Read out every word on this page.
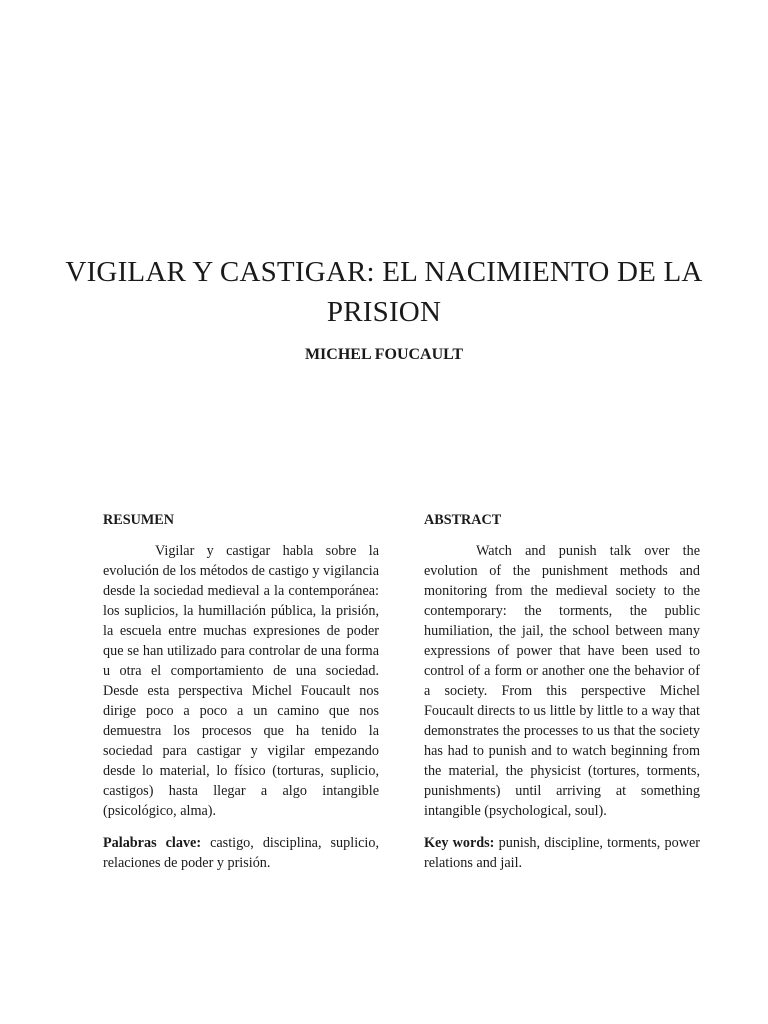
VIGILAR Y CASTIGAR: EL NACIMIENTO DE LA PRISION
MICHEL FOUCAULT
RESUMEN

Vigilar y castigar habla sobre la evolución de los métodos de castigo y vigilancia desde la sociedad medieval a la contemporánea: los suplicios, la humillación pública, la prisión, la escuela entre muchas expresiones de poder que se han utilizado para controlar de una forma u otra el comportamiento de una sociedad. Desde esta perspectiva Michel Foucault nos dirige poco a poco a un camino que nos demuestra los procesos que ha tenido la sociedad para castigar y vigilar empezando desde lo material, lo físico (torturas, suplicio, castigos) hasta llegar a algo intangible (psicológico, alma).

Palabras clave: castigo, disciplina, suplicio, relaciones de poder y prisión.

ABSTRACT

Watch and punish talk over the evolution of the punishment methods and monitoring from the medieval society to the contemporary: the torments, the public humiliation, the jail, the school between many expressions of power that have been used to control of a form or another one the behavior of a society. From this perspective Michel Foucault directs to us little by little to a way that demonstrates the processes to us that the society has had to punish and to watch beginning from the material, the physicist (tortures, torments, punishments) until arriving at something intangible (psychological, soul).

Key words: punish, discipline, torments, power relations and jail.
